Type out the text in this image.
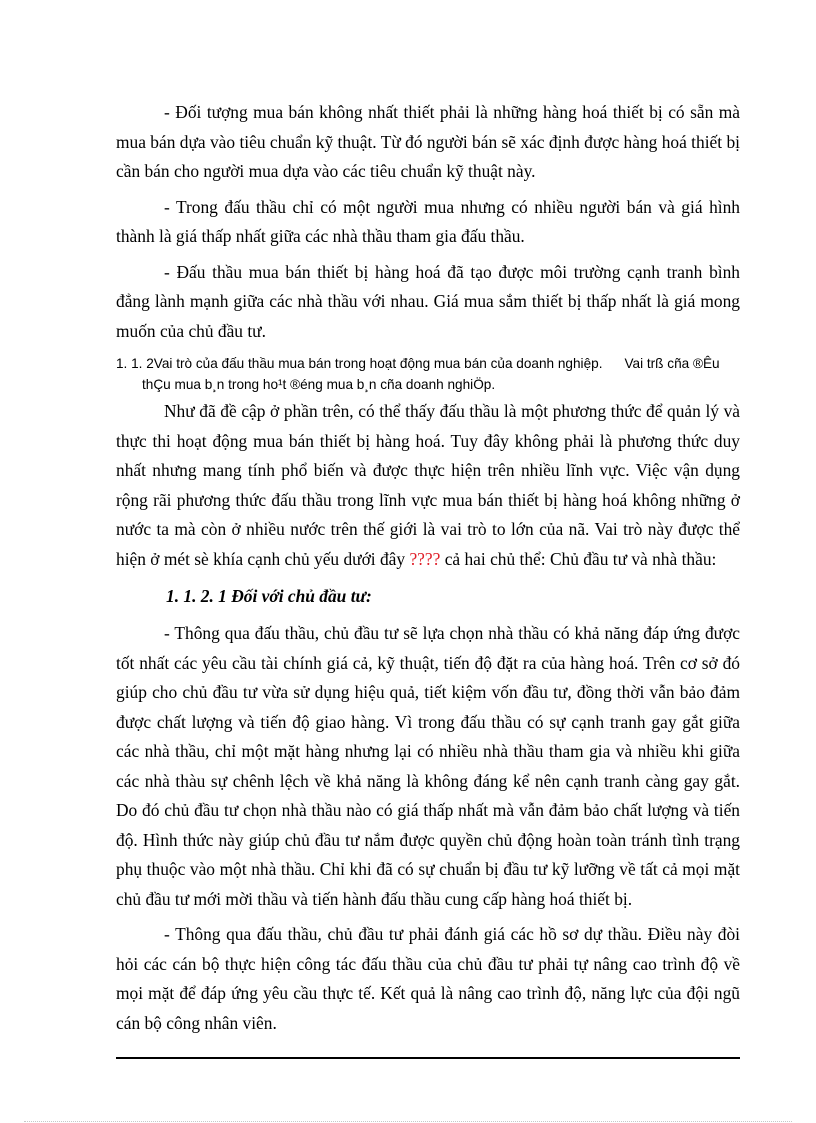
- Đối tượng mua bán không nhất thiết phải là những hàng hoá thiết bị có sẵn mà mua bán dựa vào tiêu chuẩn kỹ thuật. Từ đó người bán sẽ xác định được hàng hoá thiết bị cần bán cho người mua dựa vào các tiêu chuẩn kỹ thuật này.

- Trong đấu thầu chỉ có một người mua nhưng có nhiều người bán và giá hình thành là giá thấp nhất giữa các nhà thầu tham gia đấu thầu.

- Đấu thầu mua bán thiết bị hàng hoá đã tạo được môi trường cạnh tranh bình đẳng lành mạnh giữa các nhà thầu với nhau. Giá mua sắm thiết bị thấp nhất là giá mong muốn của chủ đầu tư.

1. 1. 2Vai trò của đấu thầu mua bán trong hoạt động mua bán của doanh nghiệp. Vai trß cña ®Êu thÇu mua b¸n trong ho¹t ®éng mua b¸n cña doanh nghiÖp.

Như đã đề cập ở phần trên, có thể thấy đấu thầu là một phương thức để quản lý và thực thi hoạt động mua bán thiết bị hàng hoá. Tuy đây không phải là phương thức duy nhất nhưng mang tính phổ biến và được thực hiện trên nhiều lĩnh vực. Việc vận dụng rộng rãi phương thức đấu thầu trong lĩnh vực mua bán thiết bị hàng hoá không những ở nước ta mà còn ở nhiều nước trên thế giới là vai trò to lớn của nã. Vai trò này được thể hiện ở mét sè khía cạnh chủ yếu dưới đây ???? cả hai chủ thể: Chủ đầu tư và nhà thầu:

1. 1. 2. 1 Đối với chủ đầu tư:

- Thông qua đấu thầu, chủ đầu tư sẽ lựa chọn nhà thầu có khả năng đáp ứng được tốt nhất các yêu cầu tài chính giá cả, kỹ thuật, tiến độ đặt ra của hàng hoá. Trên cơ sở đó giúp cho chủ đầu tư vừa sử dụng hiệu quả, tiết kiệm vốn đầu tư, đồng thời vẫn bảo đảm được chất lượng và tiến độ giao hàng. Vì trong đấu thầu có sự cạnh tranh gay gắt giữa các nhà thầu, chỉ một mặt hàng nhưng lại có nhiều nhà thầu tham gia và nhiều khi giữa các nhà thàu sự chênh lệch về khả năng là không đáng kể nên cạnh tranh càng gay gắt. Do đó chủ đầu tư chọn nhà thầu nào có giá thấp nhất mà vẫn đảm bảo chất lượng và tiến độ. Hình thức này giúp chủ đầu tư nắm được quyền chủ động hoàn toàn tránh tình trạng phụ thuộc vào một nhà thầu. Chỉ khi đã có sự chuẩn bị đầu tư kỹ lưỡng về tất cả mọi mặt chủ đầu tư mới mời thầu và tiến hành đấu thầu cung cấp hàng hoá thiết bị.

- Thông qua đấu thầu, chủ đầu tư phải đánh giá các hồ sơ dự thầu. Điều này đòi hỏi các cán bộ thực hiện công tác đấu thầu của chủ đầu tư phải tự nâng cao trình độ về mọi mặt để đáp ứng yêu cầu thực tế. Kết quả là nâng cao trình độ, năng lực của đội ngũ cán bộ công nhân viên.
